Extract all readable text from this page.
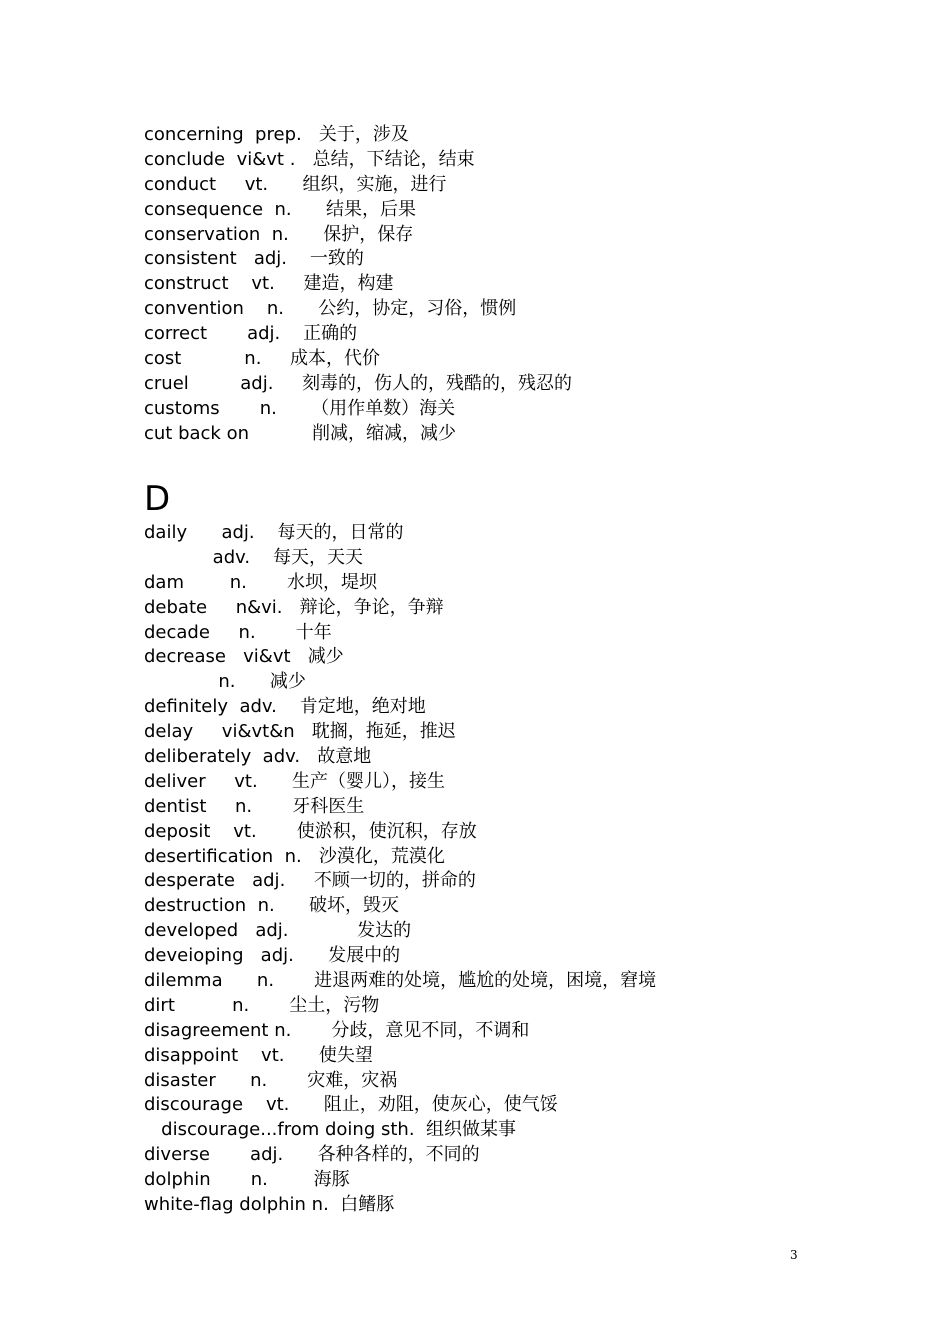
concerning  prep.   关于，涉及
conclude  vi&vt .   总结，下结论，结束
conduct     vt.      组织，实施，进行
consequence  n.      结果，后果
conservation  n.      保护，保存
consistent   adj.    一致的
construct    vt.     建造，构建
convention    n.      公约，协定，习俗，惯例
correct       adj.    正确的
cost           n.     成本，代价
cruel         adj.     刻毒的，伤人的，残酷的，残忍的
customs       n.      （用作单数）海关
cut back on           削减，缩减，减少
D
daily      adj.    每天的，日常的
adv.    每天，天天
dam        n.       水坝，堤坝
debate     n&vi.   辩论，争论，争辩
decade     n.       十年
decrease   vi&vt   减少
n.      减少
definitely  adv.    肯定地，绝对地
delay     vi&vt&n   耽搁，拖延，推迟
deliberately  adv.   故意地
deliver     vt.      生产（婴儿），接生
dentist     n.       牙科医生
deposit    vt.       使淤积，使沉积，存放
desertification  n.   沙漠化，荒漠化
desperate   adj.     不顾一切的，拼命的
destruction  n.      破坏，毁灭
developed   adj.            发达的
deveioping   adj.      发展中的
dilemma      n.       进退两难的处境，尴尬的处境，困境，窘境
dirt          n.       尘土，污物
disagreement n.       分歧，意见不同，不调和
disappoint    vt.      使失望
disaster      n.       灾难，灾祸
discourage    vt.      阻止，劝阻，使灰心，使气馁
discourage...from doing sth.  组织做某事
diverse       adj.      各种各样的，不同的
dolphin       n.        海豚
white-flag dolphin n.  白鳍豚
3
